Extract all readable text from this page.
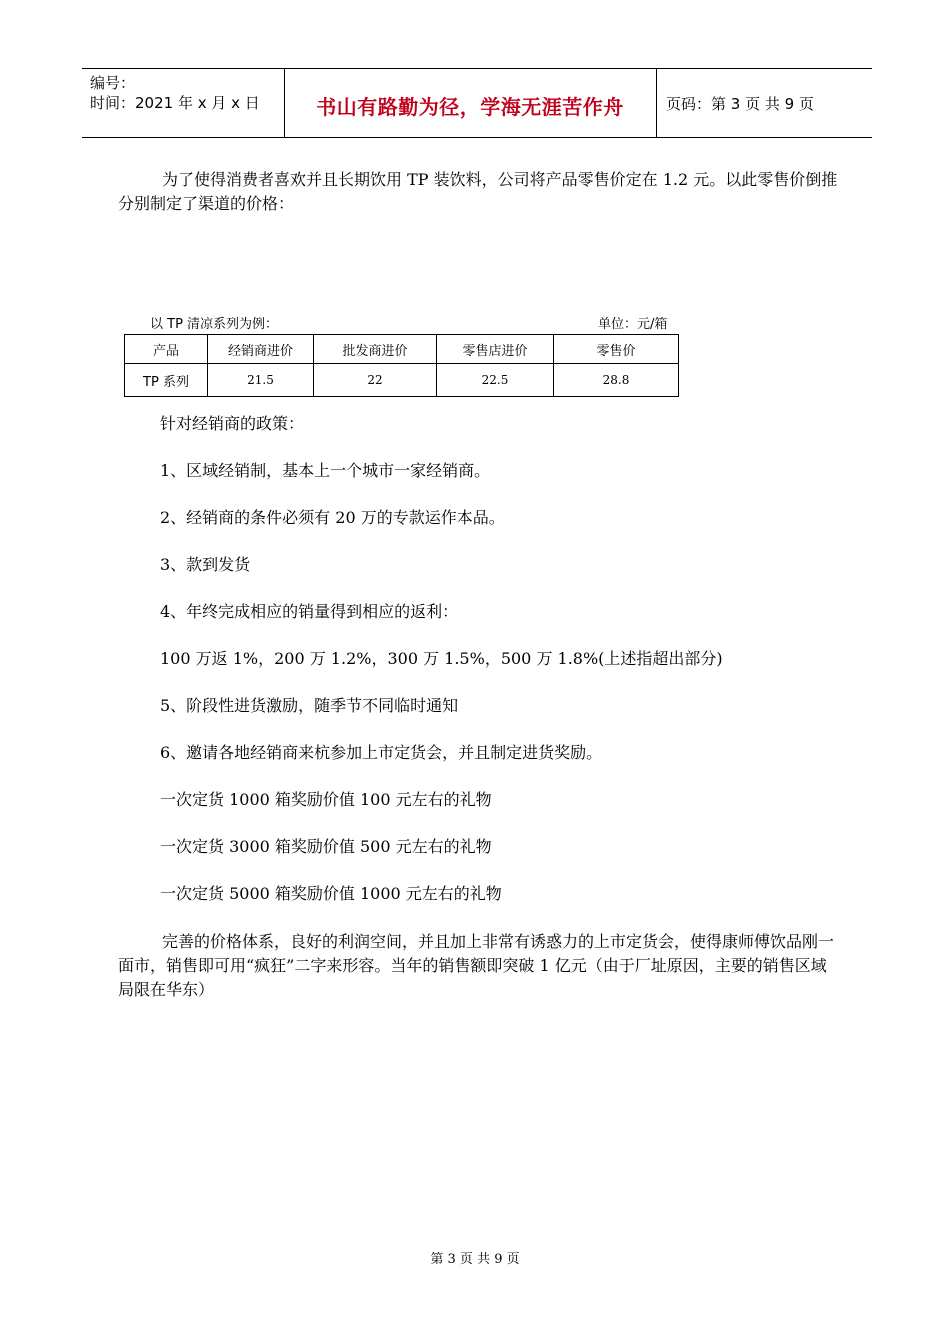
编号：
时间：2021 年 x 月 x 日	书山有路勤为径，学海无涯苦作舟	页码：第 3 页 共 9 页
为了使得消费者喜欢并且长期饮用 TP 装饮料，公司将产品零售价定在 1.2 元。以此零售价倒推分别制定了渠道的价格：
以 TP 清凉系列为例：	单位：元/箱
产品	经销商进价	批发商进价	零售店进价	零售价
TP 系列	21.5	22	22.5	28.8
针对经销商的政策：
1、区域经销制，基本上一个城市一家经销商。
2、经销商的条件必须有 20 万的专款运作本品。
3、款到发货
4、年终完成相应的销量得到相应的返利：
100 万返 1%，200 万 1.2%，300 万 1.5%，500 万 1.8%(上述指超出部分)
5、阶段性进货激励，随季节不同临时通知
6、邀请各地经销商来杭参加上市定货会，并且制定进货奖励。
一次定货 1000 箱奖励价值 100 元左右的礼物
一次定货 3000 箱奖励价值 500 元左右的礼物
一次定货 5000 箱奖励价值 1000 元左右的礼物
完善的价格体系，良好的利润空间，并且加上非常有诱惑力的上市定货会，使得康师傅饮品刚一面市，销售即可用“疯狂”二字来形容。当年的销售额即突破 1 亿元（由于厂址原因，主要的销售区域局限在华东）
第 3 页 共 9 页
